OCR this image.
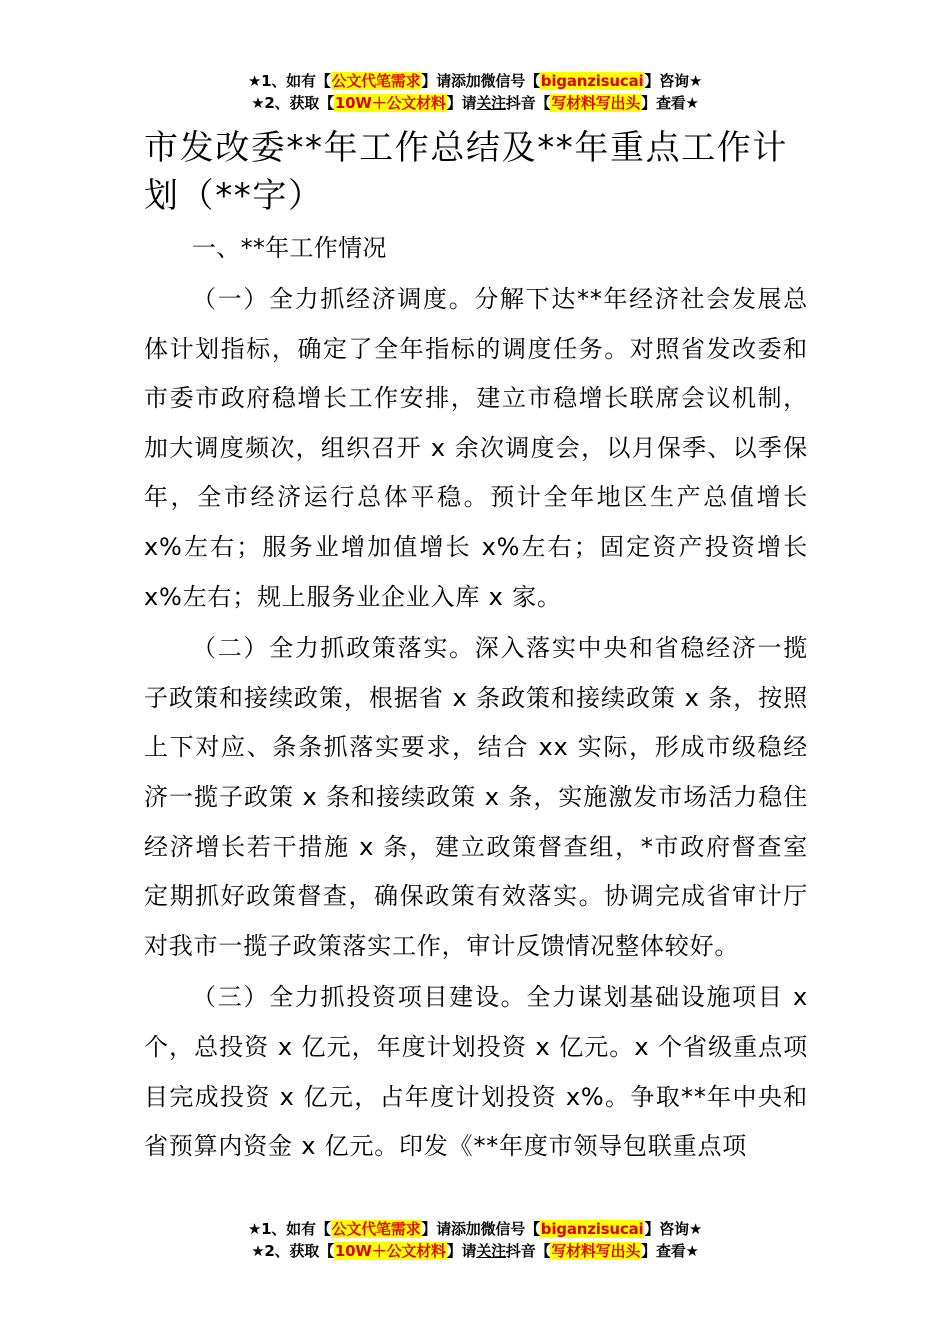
★1、如有【公文代笔需求】请添加微信号【biganzisucai】咨询★
★2、获取【10W＋公文材料】请关注抖音【写材料写出头】查看★
市发改委**年工作总结及**年重点工作计划（**字）

一、**年工作情况

（一）全力抓经济调度。分解下达**年经济社会发展总体计划指标，确定了全年指标的调度任务。对照省发改委和市委市政府稳增长工作安排，建立市稳增长联席会议机制，加大调度频次，组织召开 x 余次调度会，以月保季、以季保年，全市经济运行总体平稳。预计全年地区生产总值增长 x%左右；服务业增加值增长 x%左右；固定资产投资增长 x%左右；规上服务业企业入库 x 家。

（二）全力抓政策落实。深入落实中央和省稳经济一揽子政策和接续政策，根据省 x 条政策和接续政策 x 条，按照上下对应、条条抓落实要求，结合 xx 实际，形成市级稳经济一揽子政策 x 条和接续政策 x 条，实施激发市场活力稳住经济增长若干措施 x 条，建立政策督查组，*市政府督查室定期抓好政策督查，确保政策有效落实。协调完成省审计厅对我市一揽子政策落实工作，审计反馈情况整体较好。

（三）全力抓投资项目建设。全力谋划基础设施项目 x 个，总投资 x 亿元，年度计划投资 x 亿元。x 个省级重点项目完成投资 x 亿元，占年度计划投资 x%。争取**年中央和省预算内资金 x 亿元。印发《**年度市领导包联重点项

★1、如有【公文代笔需求】请添加微信号【biganzisucai】咨询★
★2、获取【10W＋公文材料】请关注抖音【写材料写出头】查看★
